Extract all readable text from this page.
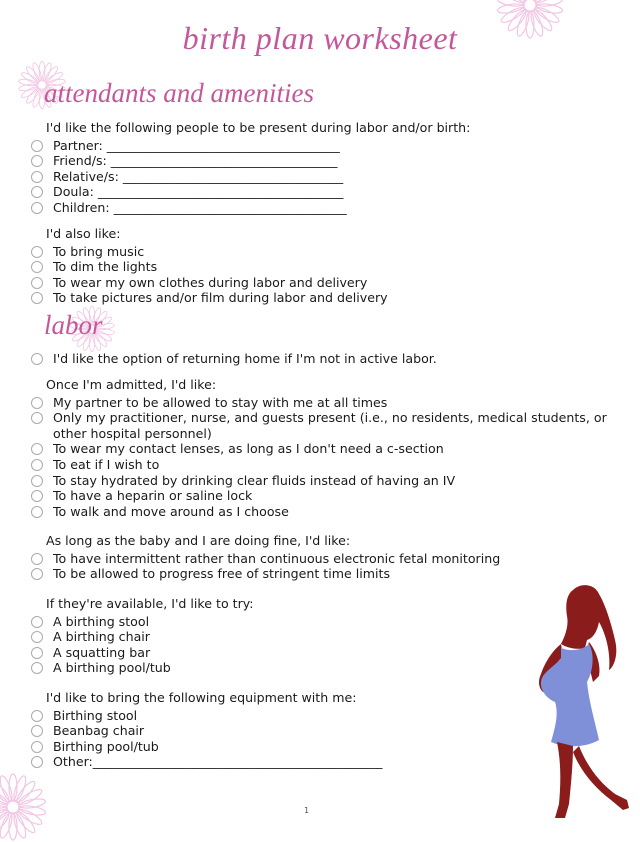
birth plan worksheet
attendants and amenities
I'd like the following people to be present during labor and/or birth:
Partner: _____________________________________
Friend/s: ____________________________________
Relative/s: ___________________________________
Doula: _______________________________________
Children: _____________________________________
I'd also like:
To bring music
To dim the lights
To wear my own clothes during labor and delivery
To take pictures and/or film during labor and delivery
labor
I'd like the option of returning home if I'm not in active labor.
Once I'm admitted, I'd like:
My partner to be allowed to stay with me at all times
Only my practitioner, nurse, and guests present (i.e., no residents, medical students, or other hospital personnel)
To wear my contact lenses, as long as I don't need a c-section
To eat if I wish to
To stay hydrated by drinking clear fluids instead of having an IV
To have a heparin or saline lock
To walk and move around as I choose
As long as the baby and I are doing fine, I'd like:
To have intermittent rather than continuous electronic fetal monitoring
To be allowed to progress free of stringent time limits
If they're available, I'd like to try:
A birthing stool
A birthing chair
A squatting bar
A birthing pool/tub
I'd like to bring the following equipment with me:
Birthing stool
Beanbag chair
Birthing pool/tub
Other:______________________________________________
1
